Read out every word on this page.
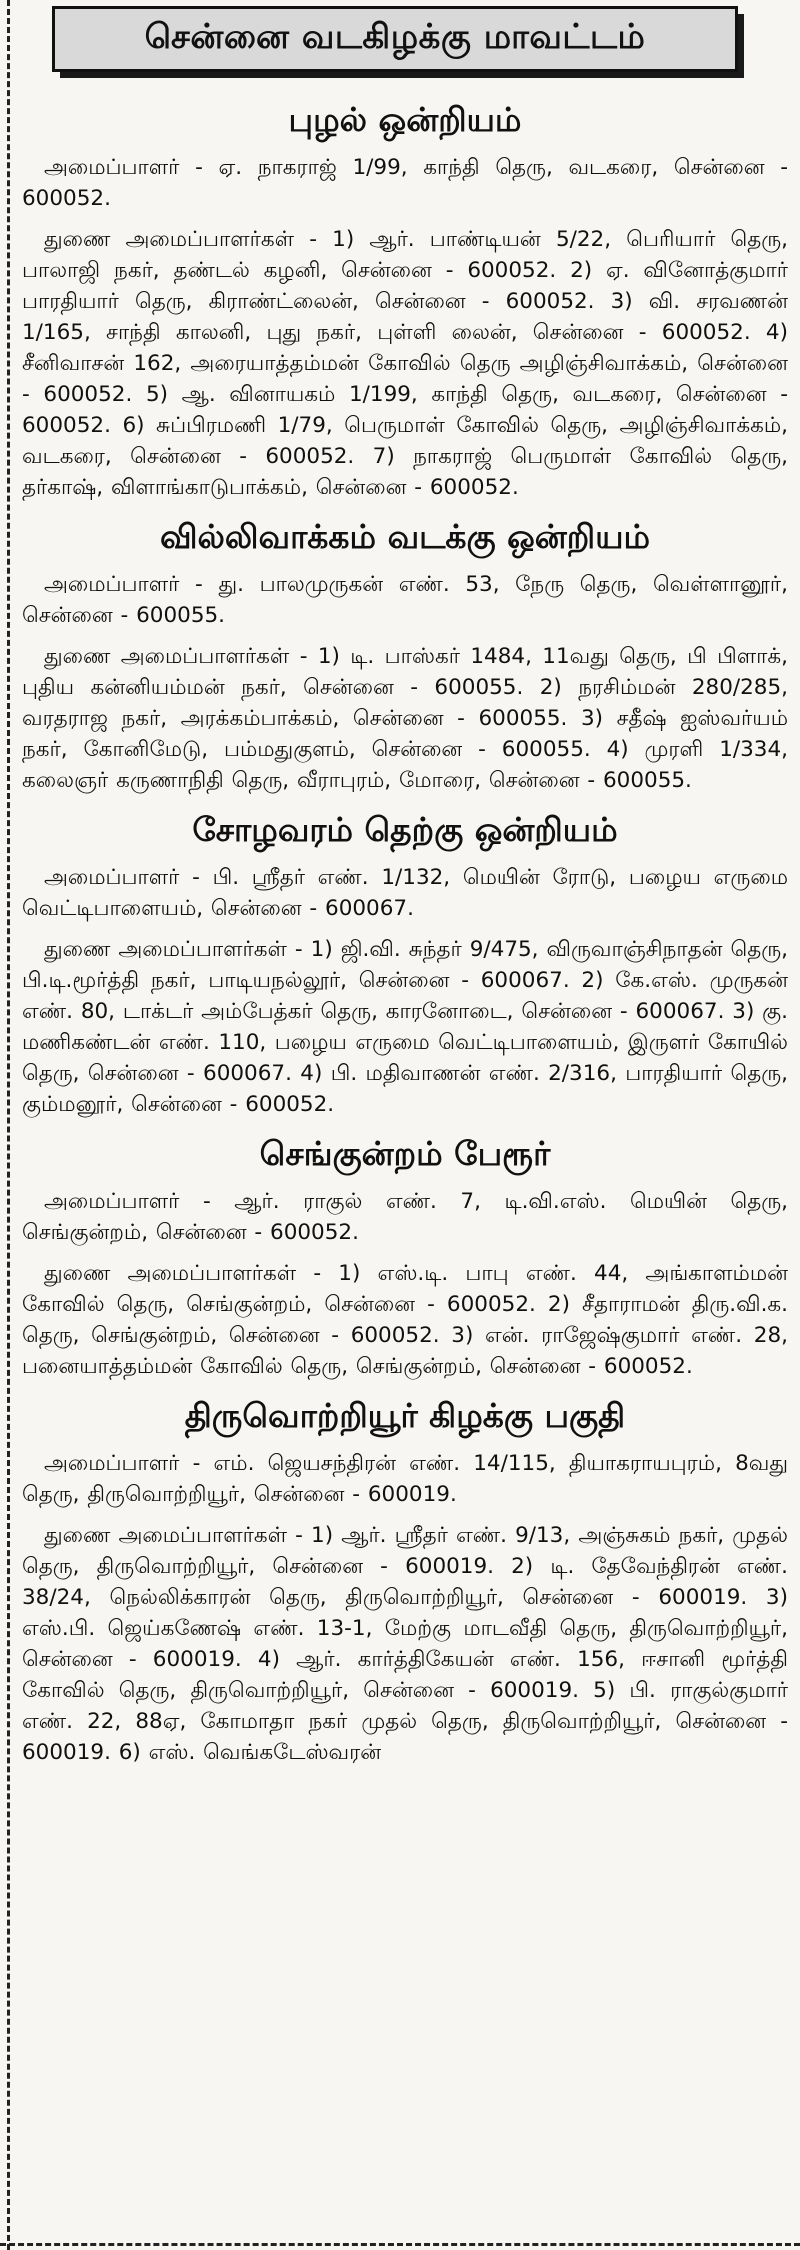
சென்னை வடகிழக்கு மாவட்டம்
புழல் ஒன்றியம்

அமைப்பாளர் - ஏ. நாகராஜ் 1/99, காந்தி தெரு, வடகரை, சென்னை - 600052.

துணை அமைப்பாளர்கள் - 1) ஆர். பாண்டியன் 5/22, பெரியார் தெரு, பாலாஜி நகர், தண்டல் கழனி, சென்னை - 600052. 2) ஏ. வினோத்குமார் பாரதியார் தெரு, கிராண்ட்லைன், சென்னை - 600052. 3) வி. சரவணன் 1/165, சாந்தி காலனி, புது நகர், புள்ளி லைன், சென்னை - 600052. 4) சீனிவாசன் 162, அரையாத்தம்மன் கோவில் தெரு அழிஞ்சிவாக்கம், சென்னை - 600052. 5) ஆ. வினாயகம் 1/199, காந்தி தெரு, வடகரை, சென்னை - 600052. 6) சுப்பிரமணி 1/79, பெருமாள் கோவில் தெரு, அழிஞ்சிவாக்கம், வடகரை, சென்னை - 600052. 7) நாகராஜ் பெருமாள் கோவில் தெரு, தர்காஷ், விளாங்காடுபாக்கம், சென்னை - 600052.

வில்லிவாக்கம் வடக்கு ஒன்றியம்

அமைப்பாளர் - து. பாலமுருகன் எண். 53, நேரு தெரு, வெள்ளானூர், சென்னை - 600055.

துணை அமைப்பாளர்கள் - 1) டி. பாஸ்கர் 1484, 11வது தெரு, பி பிளாக், புதிய கன்னியம்மன் நகர், சென்னை - 600055. 2) நரசிம்மன் 280/285, வரதராஜ நகர், அரக்கம்பாக்கம், சென்னை - 600055. 3) சதீஷ் ஐஸ்வர்யம் நகர், கோனிமேடு, பம்மதுகுளம், சென்னை - 600055. 4) முரளி 1/334, கலைஞர் கருணாநிதி தெரு, வீராபுரம், மோரை, சென்னை - 600055.

சோழவரம் தெற்கு ஒன்றியம்

அமைப்பாளர் - பி. ஸ்ரீதர் எண். 1/132, மெயின் ரோடு, பழைய எருமை வெட்டிபாளையம், சென்னை - 600067.

துணை அமைப்பாளர்கள் - 1) ஜி.வி. சுந்தர் 9/475, விருவாஞ்சிநாதன் தெரு, பி.டி.மூர்த்தி நகர், பாடியநல்லூர், சென்னை - 600067. 2) கே.எஸ். முருகன் எண். 80, டாக்டர் அம்பேத்கர் தெரு, காரனோடை, சென்னை - 600067. 3) கு. மணிகண்டன் எண். 110, பழைய எருமை வெட்டிபாளையம், இருளர் கோயில் தெரு, சென்னை - 600067. 4) பி. மதிவாணன் எண். 2/316, பாரதியார் தெரு, கும்மனூர், சென்னை - 600052.

செங்குன்றம் பேரூர்

அமைப்பாளர் - ஆர். ராகுல் எண். 7, டி.வி.எஸ். மெயின் தெரு, செங்குன்றம், சென்னை - 600052.

துணை அமைப்பாளர்கள் - 1) எஸ்.டி. பாபு எண். 44, அங்காளம்மன் கோவில் தெரு, செங்குன்றம், சென்னை - 600052. 2) சீதாராமன் திரு.வி.க. தெரு, செங்குன்றம், சென்னை - 600052. 3) என். ராஜேஷ்குமார் எண். 28, பனையாத்தம்மன் கோவில் தெரு, செங்குன்றம், சென்னை - 600052.

திருவொற்றியூர் கிழக்கு பகுதி

அமைப்பாளர் - எம். ஜெயசந்திரன் எண். 14/115, தியாகராயபுரம், 8வது தெரு, திருவொற்றியூர், சென்னை - 600019.

துணை அமைப்பாளர்கள் - 1) ஆர். ஸ்ரீதர் எண். 9/13, அஞ்சுகம் நகர், முதல் தெரு, திருவொற்றியூர், சென்னை - 600019. 2) டி. தேவேந்திரன் எண். 38/24, நெல்லிக்காரன் தெரு, திருவொற்றியூர், சென்னை - 600019. 3) எஸ்.பி. ஜெய்கணேஷ் எண். 13-1, மேற்கு மாடவீதி தெரு, திருவொற்றியூர், சென்னை - 600019. 4) ஆர். கார்த்திகேயன் எண். 156, ஈசானி மூர்த்தி கோவில் தெரு, திருவொற்றியூர், சென்னை - 600019. 5) பி. ராகுல்குமார் எண். 22, 88ஏ, கோமாதா நகர் முதல் தெரு, திருவொற்றியூர், சென்னை - 600019. 6) எஸ். வெங்கடேஸ்வரன்
